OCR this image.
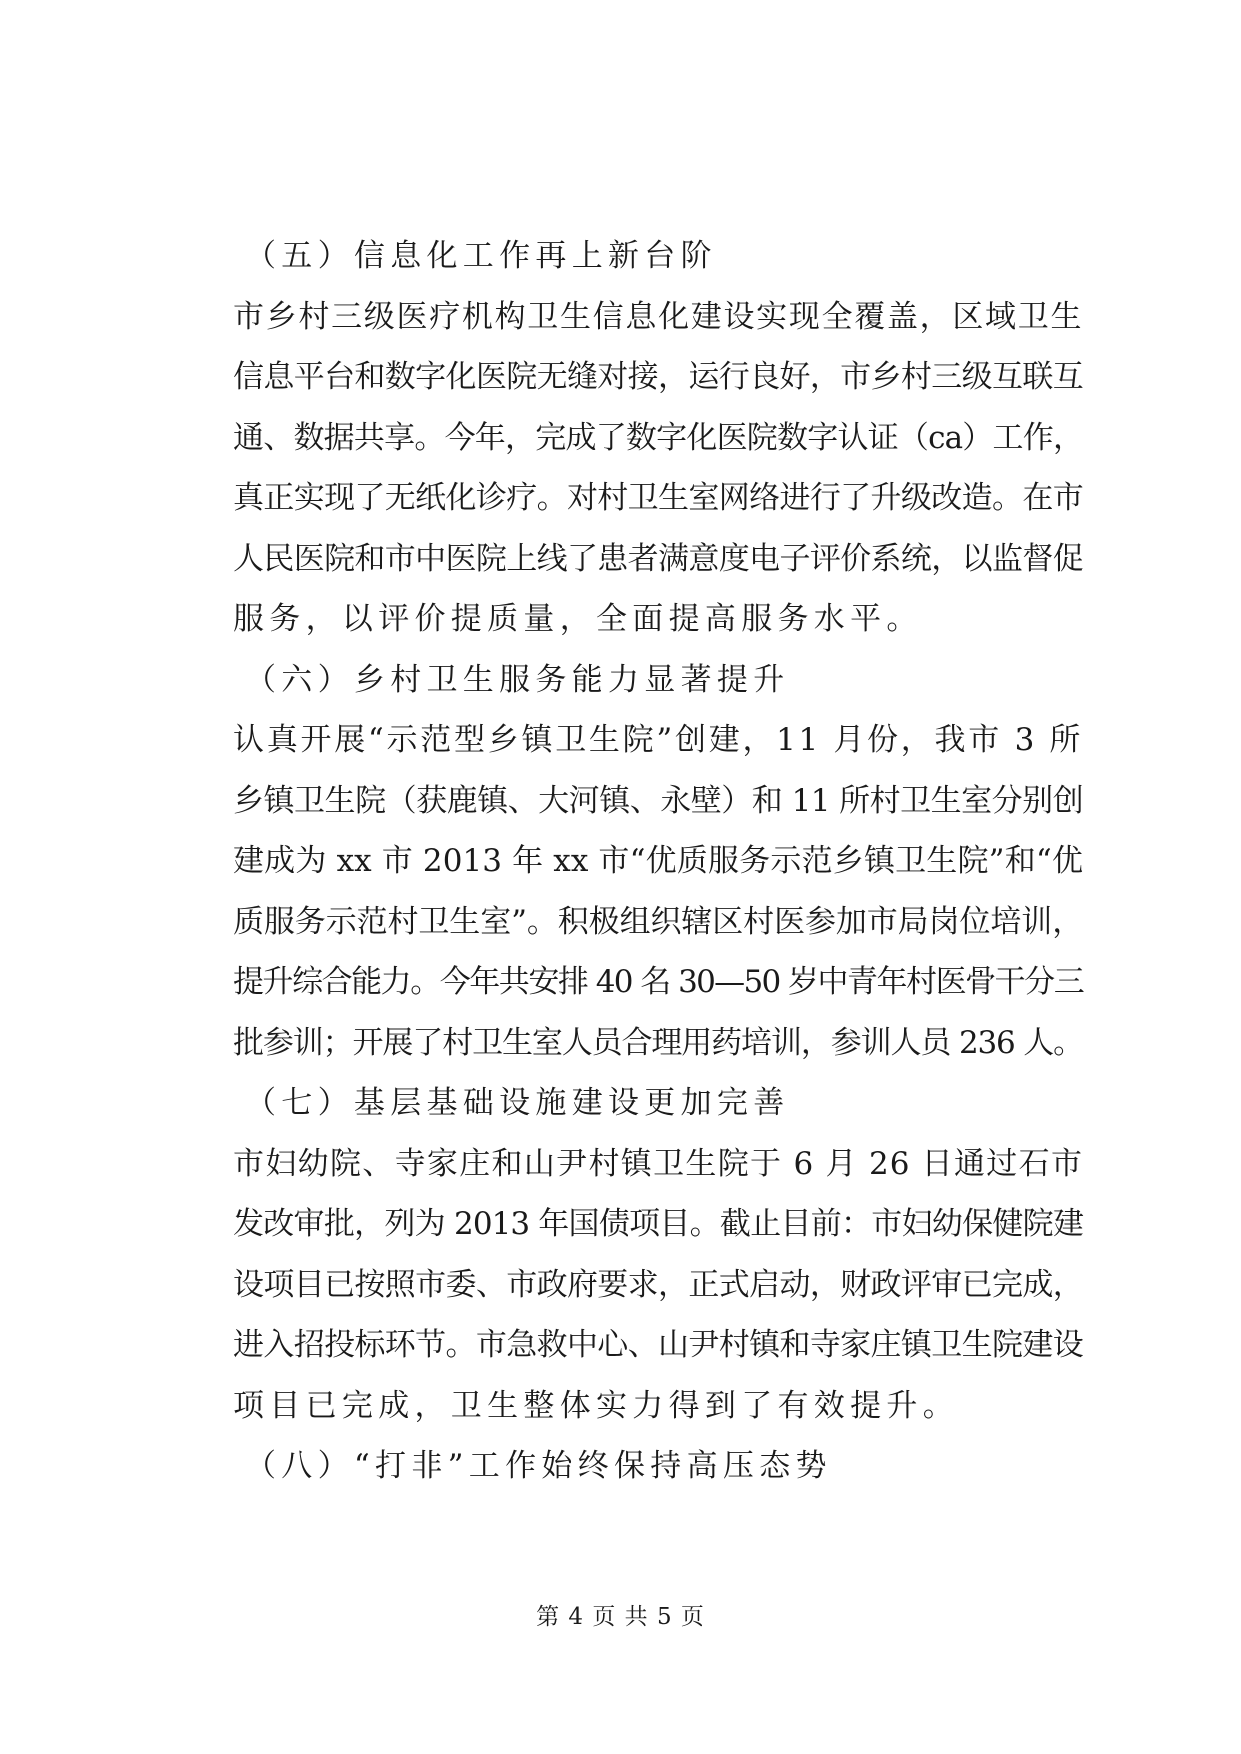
（五）信息化工作再上新台阶
市乡村三级医疗机构卫生信息化建设实现全覆盖，区域卫生
信息平台和数字化医院无缝对接，运行良好，市乡村三级互联互
通、数据共享。今年，完成了数字化医院数字认证（ca）工作，
真正实现了无纸化诊疗。对村卫生室网络进行了升级改造。在市
人民医院和市中医院上线了患者满意度电子评价系统，以监督促
服务，以评价提质量，全面提高服务水平。
（六）乡村卫生服务能力显著提升
认真开展“示范型乡镇卫生院”创建，11 月份，我市 3 所
乡镇卫生院（获鹿镇、大河镇、永壁）和 11 所村卫生室分别创
建成为 xx 市 2013 年 xx 市“优质服务示范乡镇卫生院”和“优
质服务示范村卫生室”。积极组织辖区村医参加市局岗位培训，
提升综合能力。今年共安排 40 名 30—50 岁中青年村医骨干分三
批参训；开展了村卫生室人员合理用药培训，参训人员 236 人。
（七）基层基础设施建设更加完善
市妇幼院、寺家庄和山尹村镇卫生院于 6 月 26 日通过石市
发改审批，列为 2013 年国债项目。截止目前：市妇幼保健院建
设项目已按照市委、市政府要求，正式启动，财政评审已完成，
进入招投标环节。市急救中心、山尹村镇和寺家庄镇卫生院建设
项目已完成，卫生整体实力得到了有效提升。
（八）“打非”工作始终保持高压态势
第 4 页 共 5 页
